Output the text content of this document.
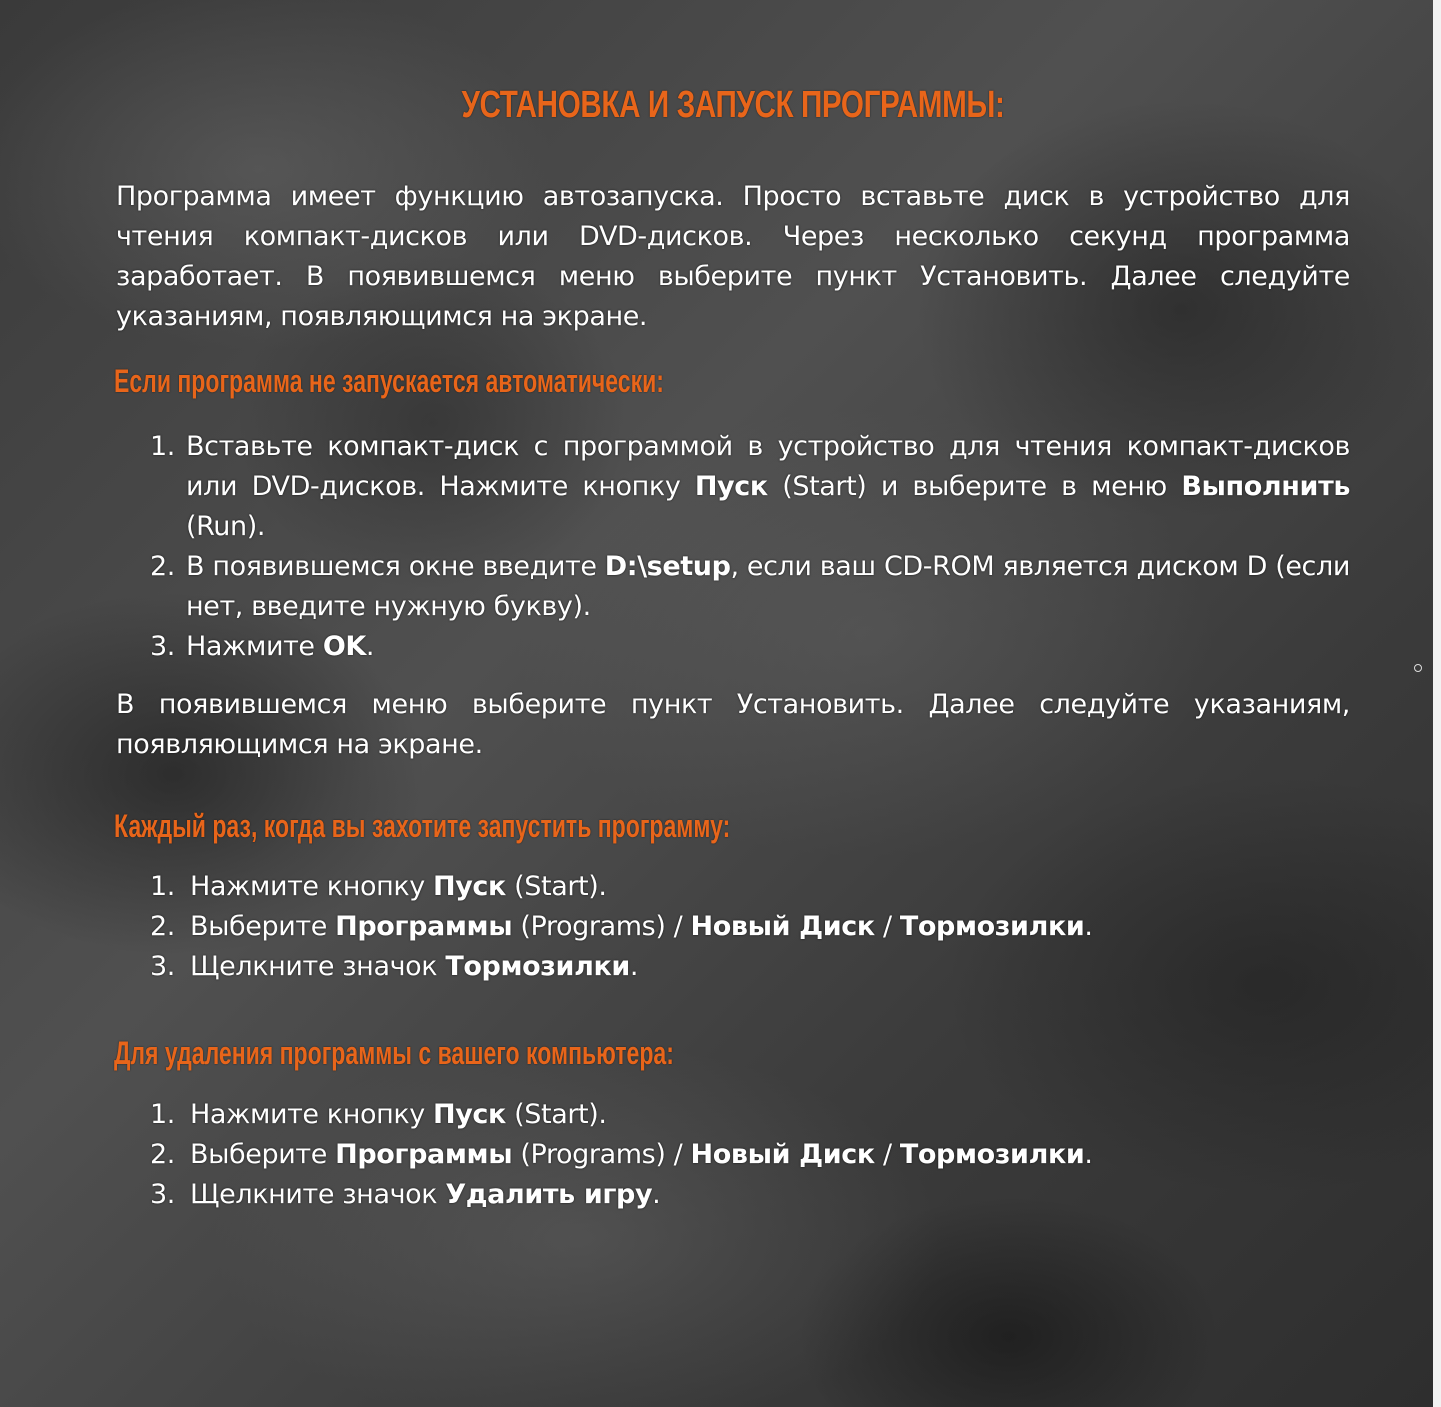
УСТАНОВКА И ЗАПУСК ПРОГРАММЫ:

Программа имеет функцию автозапуска. Просто вставьте диск в устройство для чтения компакт-дисков или DVD-дисков. Через несколько секунд программа заработает. В появившемся меню выберите пункт Установить. Далее следуйте указаниям, появляющимся на экране.

Если программа не запускается автоматически:
1. Вставьте компакт-диск с программой в устройство для чтения компакт-дисков или DVD-дисков. Нажмите кнопку Пуск (Start) и выберите в меню Выполнить (Run).
2. В появившемся окне введите D:\setup, если ваш CD-ROM является диском D (если нет, введите нужную букву).
3. Нажмите OK.

В появившемся меню выберите пункт Установить. Далее следуйте указаниям, появляющимся на экране.

Каждый раз, когда вы захотите запустить программу:
1. Нажмите кнопку Пуск (Start).
2. Выберите Программы (Programs) / Новый Диск / Тормозилки.
3. Щелкните значок Тормозилки.
Для удаления программы с вашего компьютера:
1. Нажмите кнопку Пуск (Start).
2. Выберите Программы (Programs) / Новый Диск / Тормозилки.
3. Щелкните значок Удалить игру.
